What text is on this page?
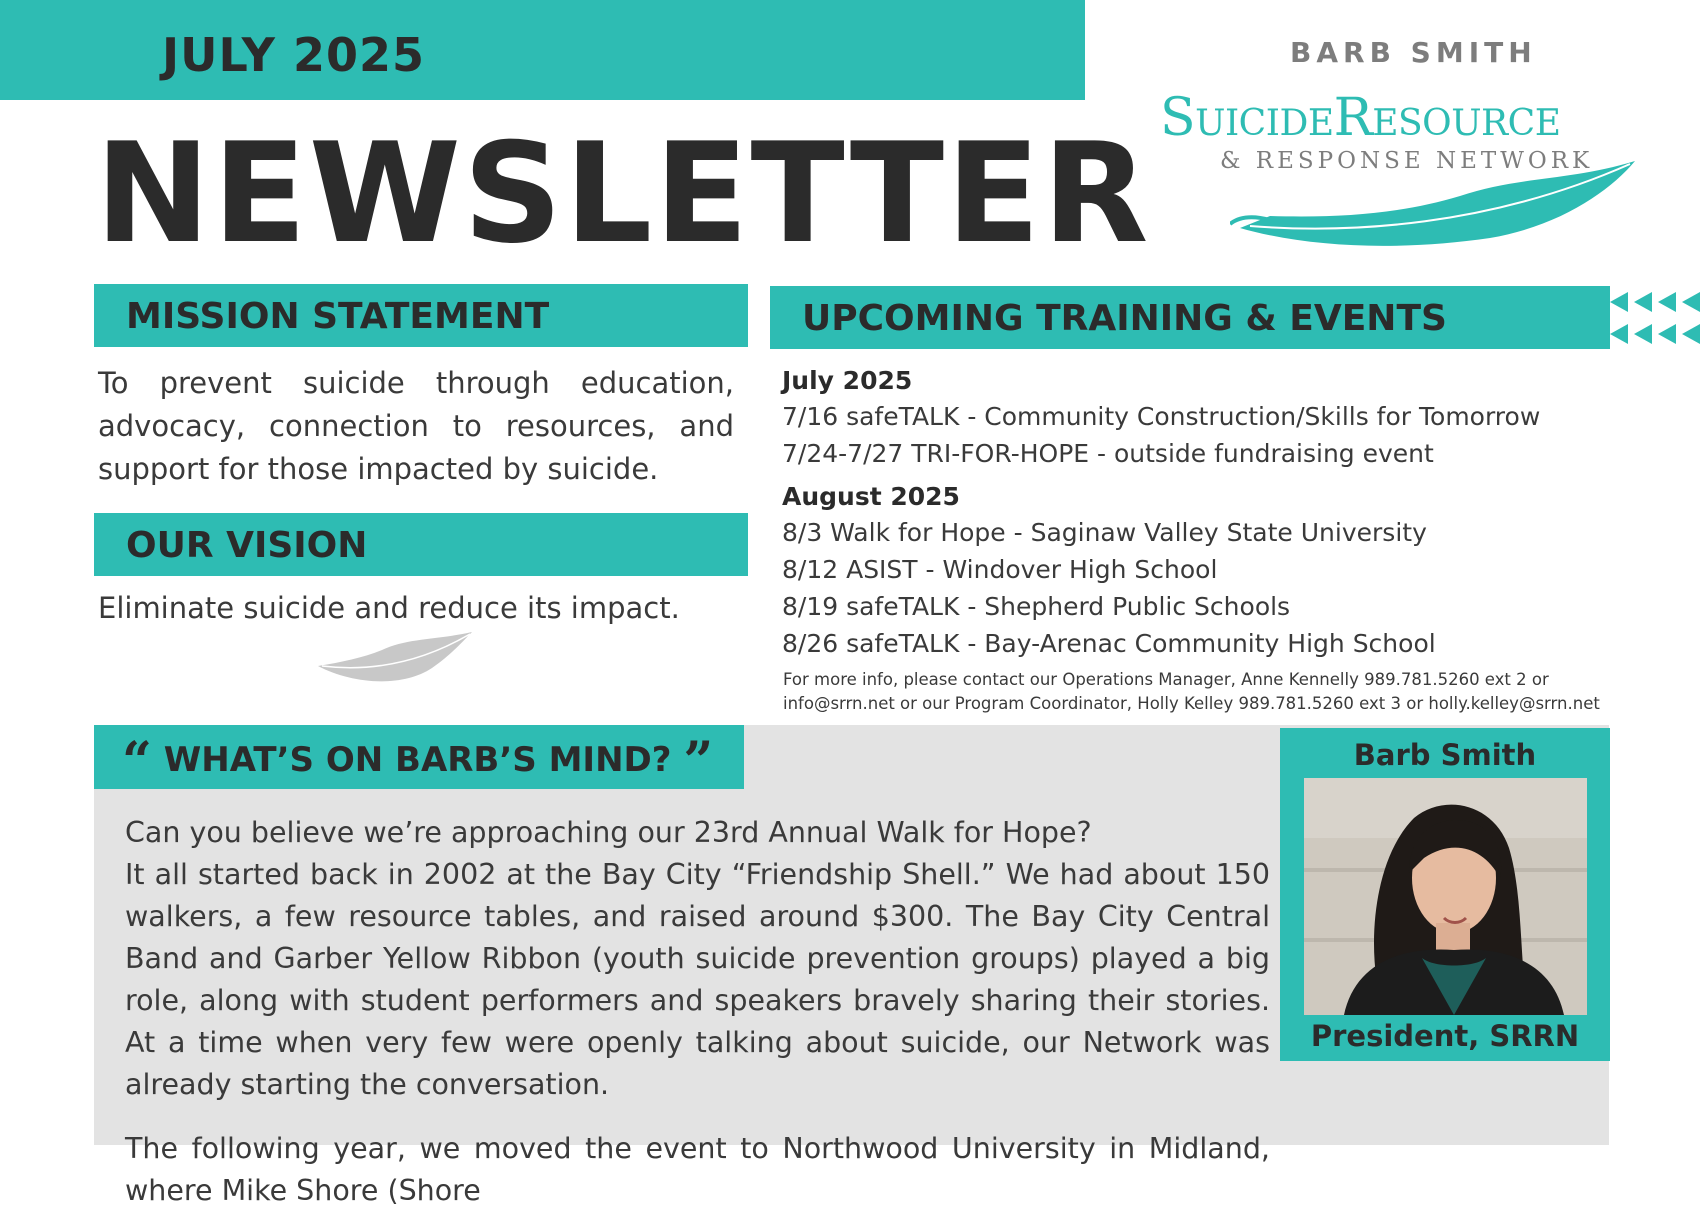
JULY 2025
NEWSLETTER
BARB SMITH
SuicideResource
& RESPONSE NETWORK
MISSION STATEMENT
To prevent suicide through education, advocacy, connection to resources, and support for those impacted by suicide.
OUR VISION
Eliminate suicide and reduce its impact.
UPCOMING TRAINING & EVENTS
July 2025
7/16 safeTALK - Community Construction/Skills for Tomorrow
7/24-7/27 TRI-FOR-HOPE - outside fundraising event
August 2025
8/3 Walk for Hope - Saginaw Valley State University
8/12 ASIST - Windover High School
8/19 safeTALK - Shepherd Public Schools
8/26 safeTALK - Bay-Arenac Community High School
For more info, please contact our Operations Manager, Anne Kennelly 989.781.5260 ext 2 or
info@srrn.net or our Program Coordinator, Holly Kelley 989.781.5260 ext 3 or holly.kelley@srrn.net
“ WHAT’S ON BARB’S MIND? ”

Can you believe we’re approaching our 23rd Annual Walk for Hope?

It all started back in 2002 at the Bay City “Friendship Shell.” We had about 150 walkers, a few resource tables, and raised around $300. The Bay City Central Band and Garber Yellow Ribbon (youth suicide prevention groups) played a big role, along with student performers and speakers bravely sharing their stories. At a time when very few were openly talking about suicide, our Network was already starting the conversation.

The following year, we moved the event to Northwood University in Midland, where Mike Shore (Shore

Barb Smith
President, SRRN
